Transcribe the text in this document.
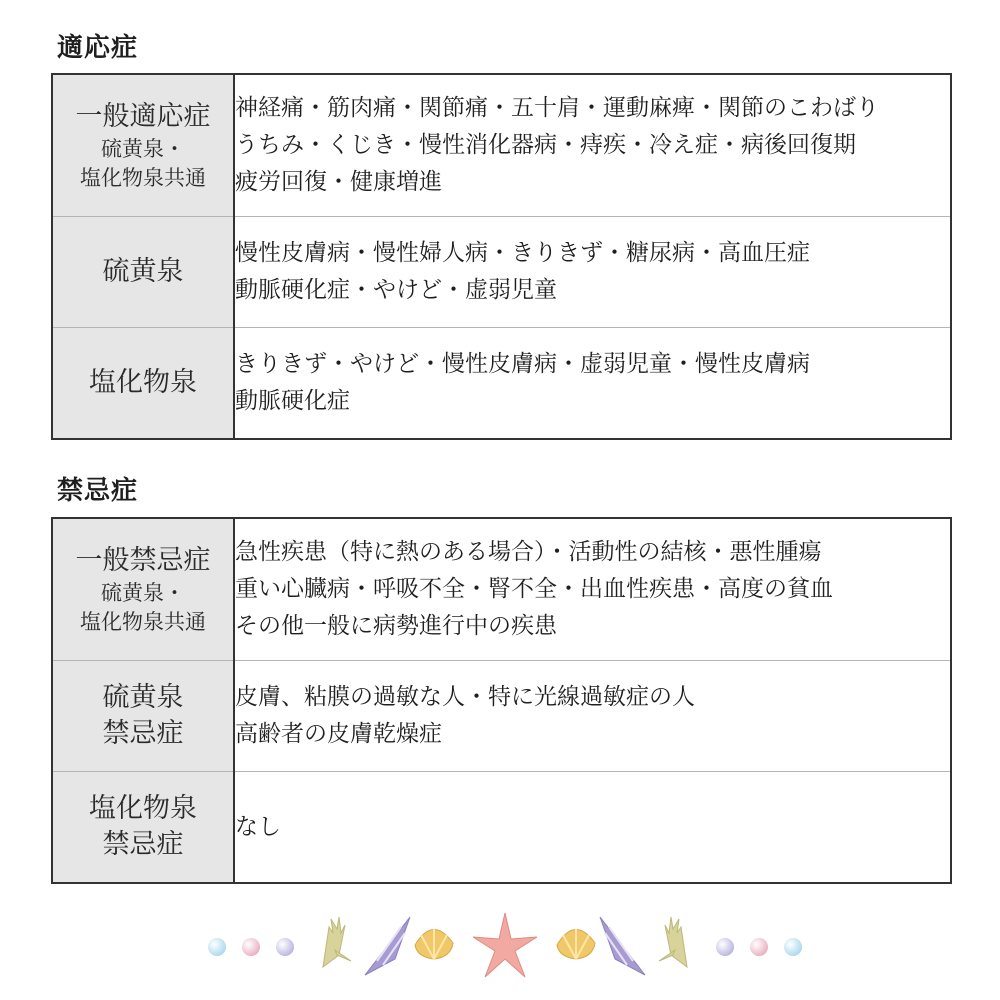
適応症
一般適応症
硫黄泉・
塩化物泉共通	神経痛・筋肉痛・関節痛・五十肩・運動麻痺・関節のこわばり
うちみ・くじき・慢性消化器病・痔疾・冷え症・病後回復期
疲労回復・健康増進

硫黄泉	慢性皮膚病・慢性婦人病・きりきず・糖尿病・高血圧症
動脈硬化症・やけど・虚弱児童

塩化物泉	きりきず・やけど・慢性皮膚病・虚弱児童・慢性皮膚病
動脈硬化症
禁忌症
一般禁忌症
硫黄泉・
塩化物泉共通	急性疾患（特に熱のある場合）・活動性の結核・悪性腫瘍
重い心臓病・呼吸不全・腎不全・出血性疾患・高度の貧血
その他一般に病勢進行中の疾患

硫黄泉
禁忌症	皮膚、粘膜の過敏な人・特に光線過敏症の人
高齢者の皮膚乾燥症

塩化物泉
禁忌症	なし
